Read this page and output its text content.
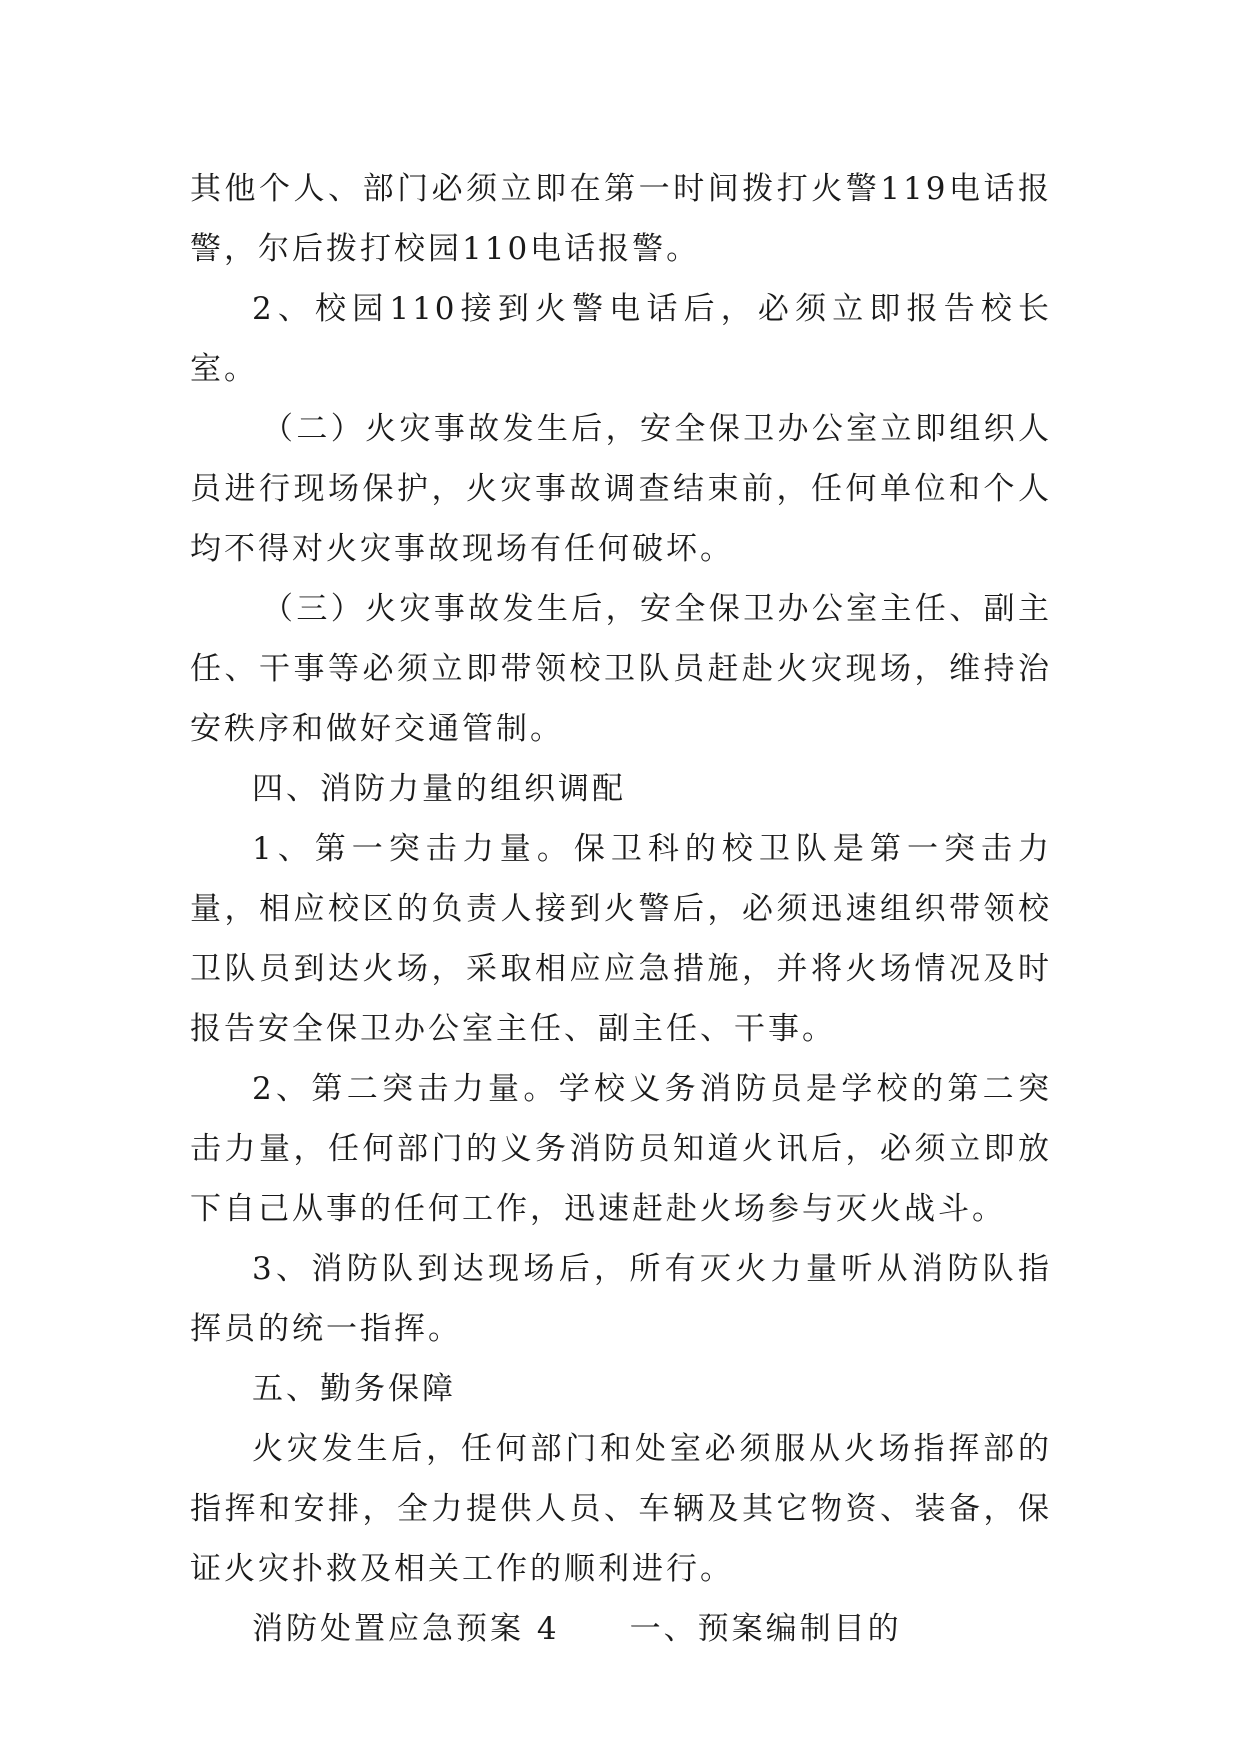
其他个人、部门必须立即在第一时间拨打火警119电话报警，尔后拨打校园110电话报警。

2、校园110接到火警电话后，必须立即报告校长室。

（二）火灾事故发生后，安全保卫办公室立即组织人员进行现场保护，火灾事故调查结束前，任何单位和个人均不得对火灾事故现场有任何破坏。

（三）火灾事故发生后，安全保卫办公室主任、副主任、干事等必须立即带领校卫队员赶赴火灾现场，维持治安秩序和做好交通管制。

四、消防力量的组织调配

1、第一突击力量。保卫科的校卫队是第一突击力量，相应校区的负责人接到火警后，必须迅速组织带领校卫队员到达火场，采取相应应急措施，并将火场情况及时报告安全保卫办公室主任、副主任、干事。

2、第二突击力量。学校义务消防员是学校的第二突击力量，任何部门的义务消防员知道火讯后，必须立即放下自己从事的任何工作，迅速赶赴火场参与灭火战斗。

3、消防队到达现场后，所有灭火力量听从消防队指挥员的统一指挥。

五、勤务保障

火灾发生后，任何部门和处室必须服从火场指挥部的指挥和安排，全力提供人员、车辆及其它物资、装备，保证火灾扑救及相关工作的顺利进行。

消防处置应急预案 4 一、预案编制目的
